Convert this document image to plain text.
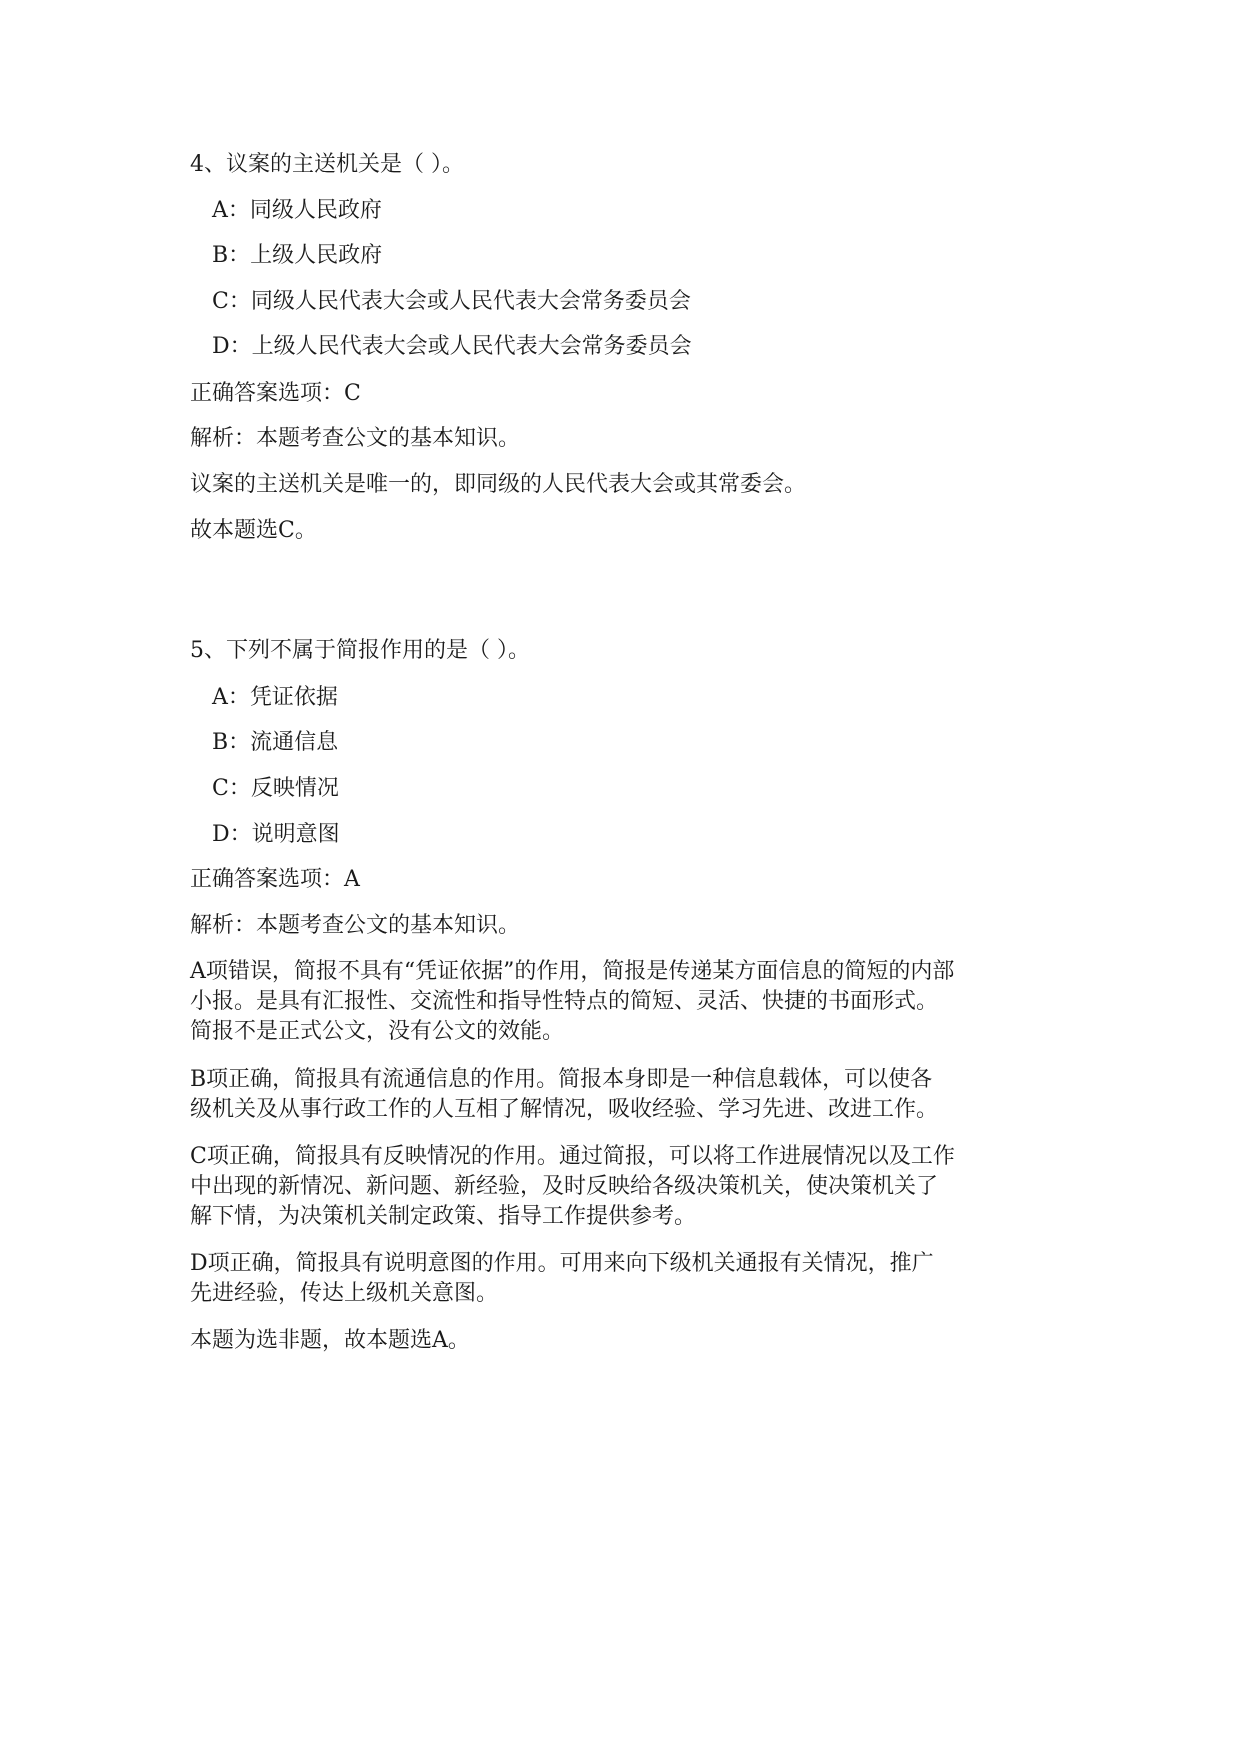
4、议案的主送机关是（ ）。

A：同级人民政府

B：上级人民政府

C：同级人民代表大会或人民代表大会常务委员会

D：上级人民代表大会或人民代表大会常务委员会

正确答案选项：C

解析：本题考查公文的基本知识。

议案的主送机关是唯一的，即同级的人民代表大会或其常委会。

故本题选C。

5、下列不属于简报作用的是（ ）。

A：凭证依据

B：流通信息

C：反映情况

D：说明意图

正确答案选项：A

解析：本题考查公文的基本知识。

A项错误，简报不具有“凭证依据”的作用，简报是传递某方面信息的简短的内部
小报。是具有汇报性、交流性和指导性特点的简短、灵活、快捷的书面形式。
简报不是正式公文，没有公文的效能。

B项正确，简报具有流通信息的作用。简报本身即是一种信息载体，可以使各
级机关及从事行政工作的人互相了解情况，吸收经验、学习先进、改进工作。

C项正确，简报具有反映情况的作用。通过简报，可以将工作进展情况以及工作
中出现的新情况、新问题、新经验，及时反映给各级决策机关，使决策机关了
解下情，为决策机关制定政策、指导工作提供参考。

D项正确，简报具有说明意图的作用。可用来向下级机关通报有关情况，推广
先进经验，传达上级机关意图。

本题为选非题，故本题选A。
